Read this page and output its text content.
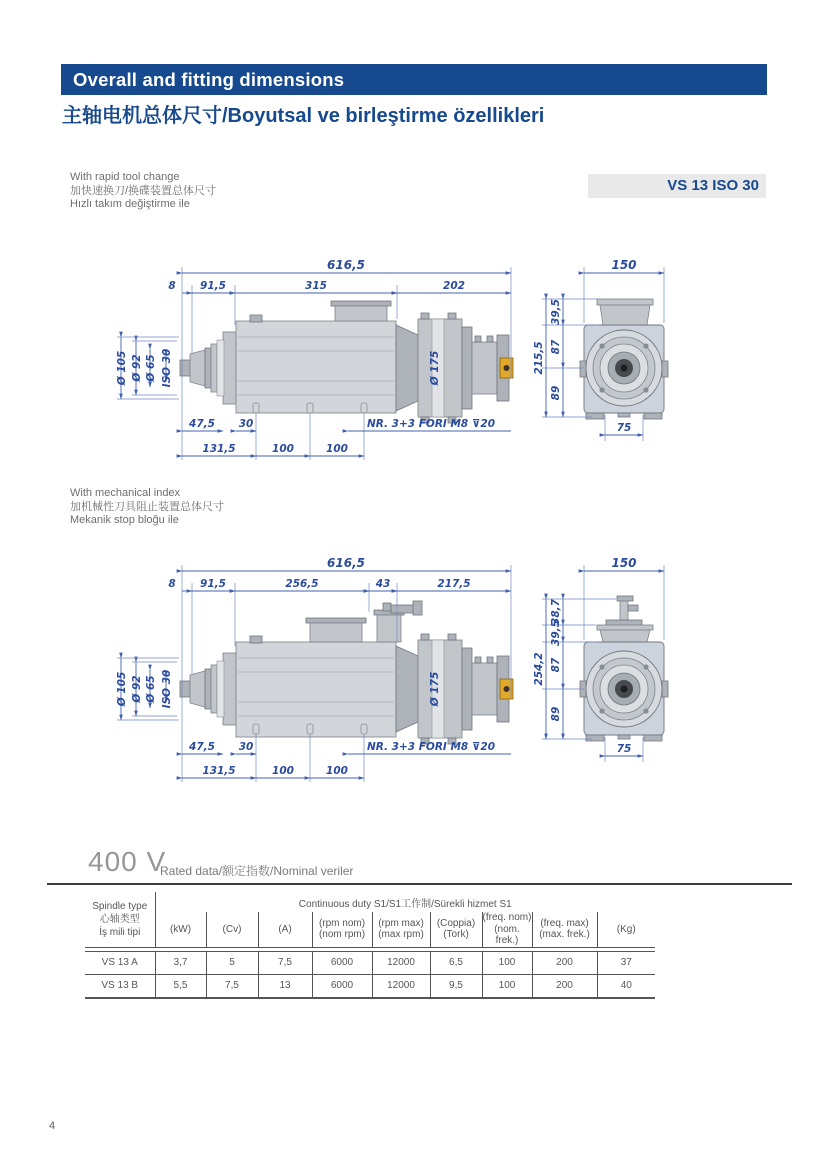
Overall and fitting dimensions
主轴电机总体尺寸/Boyutsal ve birleştirme özellikleri
With rapid tool change
加快速换刀/换碟装置总体尺寸
Hızlı takım değiştirme ile
VS 13 ISO 30
616,5
8 91,5	315	202
Ø 105 Ø 92 Ø 65 ISO 30	Ø 175
47,5 30	NR. 3+3 FORI M8 ⊽20
131,5	100	100
150
215,5
39,5
87
89
75
With mechanical index
加机械性刀具阻止装置总体尺寸
Mekanik stop bloğu ile
616,5
8 91,5	256,5	43	217,5
Ø 105 Ø 92 Ø 65 ISO 30	Ø 175
47,5 30	NR. 3+3 FORI M8 ⊽20
131,5	100	100
150
254,2
38,7
39,5
87
89
75
400 V
Rated data/额定指数/Nominal veriler
Spindle type
心轴类型
İş mili tipi	Continuous duty S1/S1工作制/Sürekli hizmet S1								

(kW)	(Cv)	(A)

(rpm nom)
(nom rpm)

(rpm max)
(max rpm)

(Coppia)
(Tork)

(freq. nom)
(nom. frek.)

(freq. max)
(max. frek.)

(Kg)

VS 13 A	3,7	5	7,5	6000	12000	6,5	100	200	37
VS 13 B	5,5	7,5	13	6000	12000	9,5	100	200	40
4
